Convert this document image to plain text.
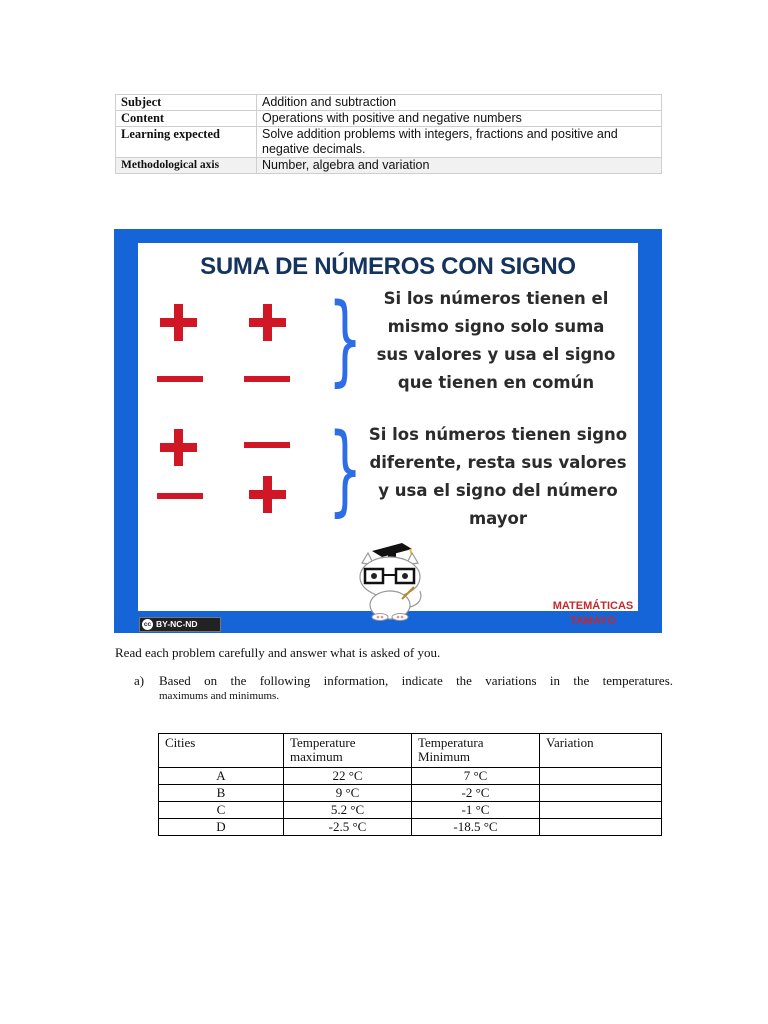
Subject	Addition and subtraction
Content	Operations with positive and negative numbers
Learning expected	Solve addition problems with integers, fractions and positive and negative decimals.
Methodological axis	Number, algebra and variation
SUMA DE NÚMEROS CON SIGNO
}	Si los números tienen el mismo signo solo suma sus valores y usa el signo que tienen en común
} Si los números tienen signo diferente, resta sus valores y usa el signo del número mayor
MATEMÁTICAS
TAMAYO
cc BY-NC-ND
Read each problem carefully and answer what is asked of you.
a) Based on the following information, indicate the variations in the temperatures.
maximums and minimums.
Cities	Temperature maximum	Temperatura Minimum	Variation
A	22 °C	7 °C	
B	9 °C	-2 °C	
C	5.2 °C	-1 °C	
D	-2.5 °C	-18.5 °C	
